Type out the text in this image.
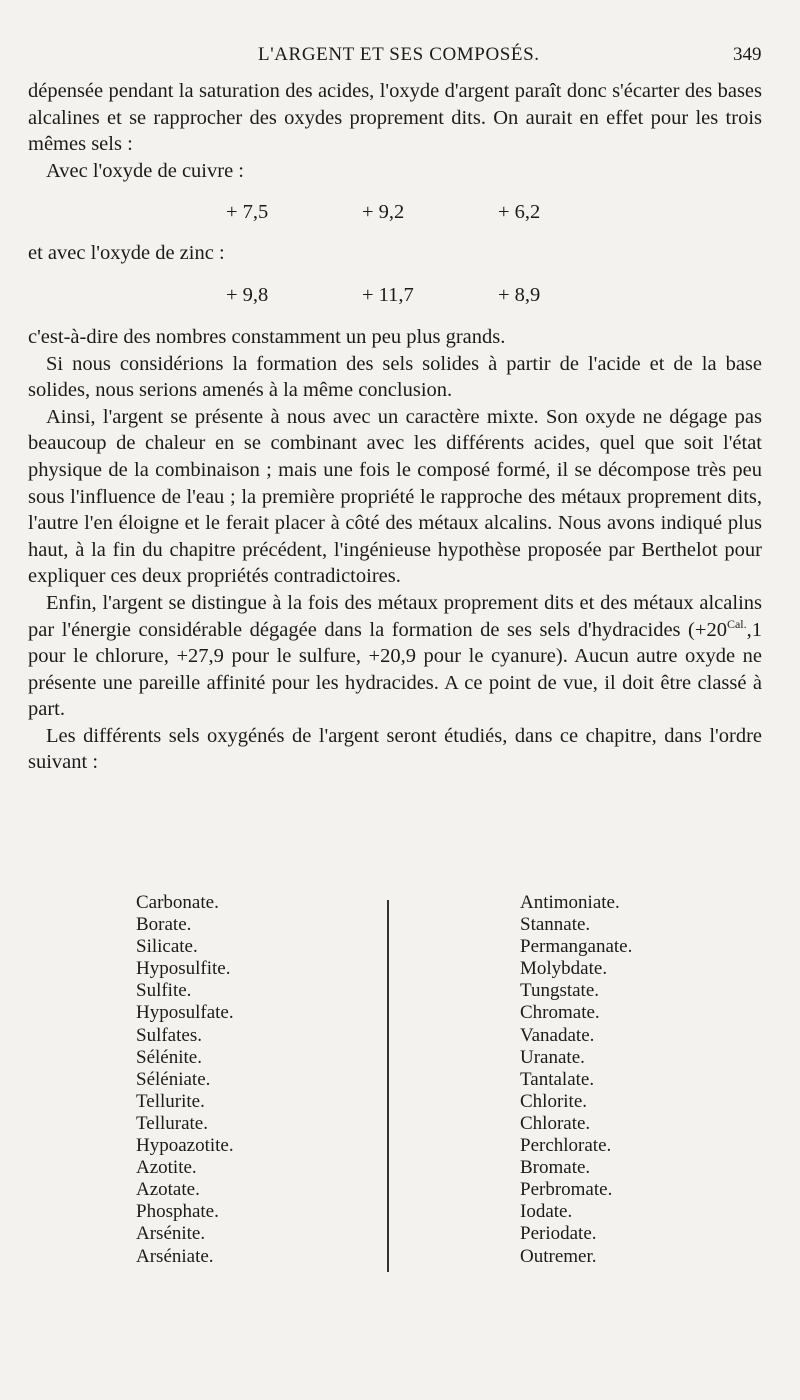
L'ARGENT ET SES COMPOSÉS.	349

dépensée pendant la saturation des acides, l'oxyde d'argent paraît donc s'écarter des bases alcalines et se rapprocher des oxydes proprement dits. On aurait en effet pour les trois mêmes sels :

Avec l'oxyde de cuivre :

+ 7,5	+ 9,2	+ 6,2

et avec l'oxyde de zinc :

+ 9,8	+ 11,7	+ 8,9

c'est-à-dire des nombres constamment un peu plus grands.

Si nous considérions la formation des sels solides à partir de l'acide et de la base solides, nous serions amenés à la même conclusion.

Ainsi, l'argent se présente à nous avec un caractère mixte. Son oxyde ne dégage pas beaucoup de chaleur en se combinant avec les différents acides, quel que soit l'état physique de la combinaison ; mais une fois le composé formé, il se décompose très peu sous l'influence de l'eau ; la première propriété le rapproche des métaux proprement dits, l'autre l'en éloigne et le ferait placer à côté des métaux alcalins. Nous avons indiqué plus haut, à la fin du chapitre précédent, l'ingénieuse hypothèse proposée par Berthelot pour expliquer ces deux propriétés contradictoires.

Enfin, l'argent se distingue à la fois des métaux proprement dits et des métaux alcalins par l'énergie considérable dégagée dans la formation de ses sels d'hydracides ($+20^{Cal.},1$ pour le chlorure, +27,9 pour le sulfure, +20,9 pour le cyanure). Aucun autre oxyde ne présente une pareille affinité pour les hydracides. A ce point de vue, il doit être classé à part.

Les différents sels oxygénés de l'argent seront étudiés, dans ce chapitre, dans l'ordre suivant :

Carbonate.
Borate.
Silicate.
Hyposulfite.
Sulfite.
Hyposulfate.
Sulfates.
Sélénite.
Séléniate.
Tellurite.
Tellurate.
Hypoazotite.
Azotite.
Azotate.
Phosphate.
Arsénite.
Arséniate.
Antimoniate.
Stannate.
Permanganate.
Molybdate.
Tungstate.
Chromate.
Vanadate.
Uranate.
Tantalate.
Chlorite.
Chlorate.
Perchlorate.
Bromate.
Perbromate.
Iodate.
Periodate.
Outremer.
